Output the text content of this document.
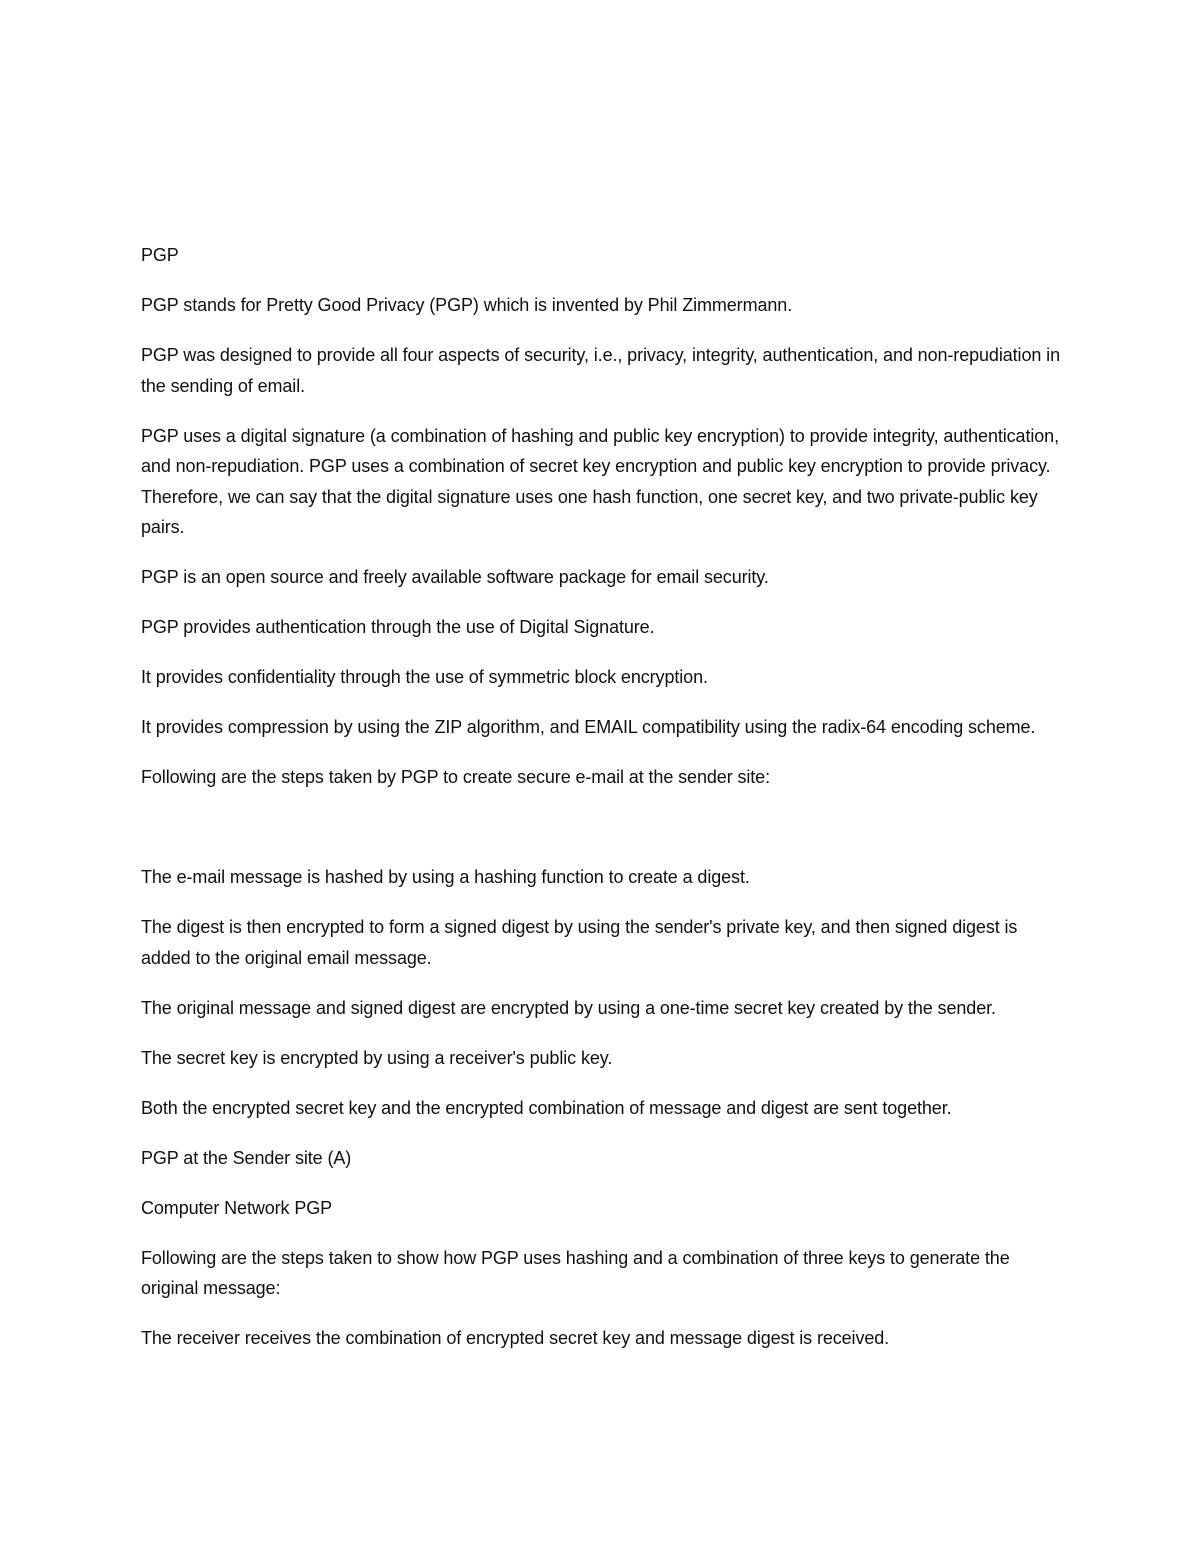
PGP

PGP stands for Pretty Good Privacy (PGP) which is invented by Phil Zimmermann.

PGP was designed to provide all four aspects of security, i.e., privacy, integrity, authentication, and non-repudiation in the sending of email.

PGP uses a digital signature (a combination of hashing and public key encryption) to provide integrity, authentication, and non-repudiation. PGP uses a combination of secret key encryption and public key encryption to provide privacy. Therefore, we can say that the digital signature uses one hash function, one secret key, and two private-public key pairs.

PGP is an open source and freely available software package for email security.

PGP provides authentication through the use of Digital Signature.

It provides confidentiality through the use of symmetric block encryption.

It provides compression by using the ZIP algorithm, and EMAIL compatibility using the radix-64 encoding scheme.

Following are the steps taken by PGP to create secure e-mail at the sender site:

The e-mail message is hashed by using a hashing function to create a digest.

The digest is then encrypted to form a signed digest by using the sender's private key, and then signed digest is added to the original email message.

The original message and signed digest are encrypted by using a one-time secret key created by the sender.

The secret key is encrypted by using a receiver's public key.

Both the encrypted secret key and the encrypted combination of message and digest are sent together.

PGP at the Sender site (A)

Computer Network PGP

Following are the steps taken to show how PGP uses hashing and a combination of three keys to generate the original message:

The receiver receives the combination of encrypted secret key and message digest is received.
